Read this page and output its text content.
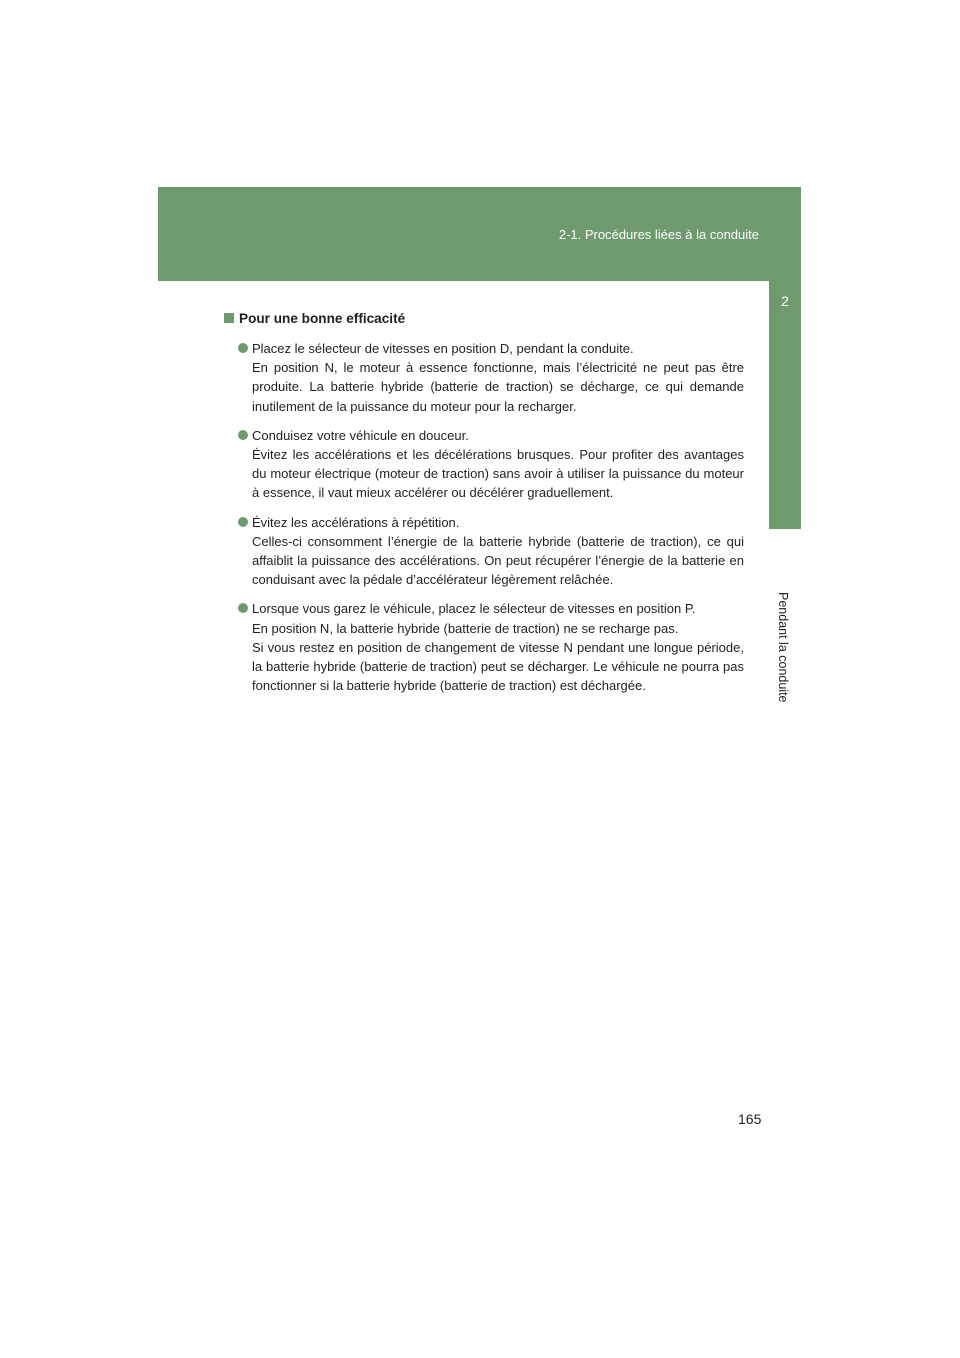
2-1. Procédures liées à la conduite
2
Pendant la conduite
Pour une bonne efficacité
Placez le sélecteur de vitesses en position D, pendant la conduite.
En position N, le moteur à essence fonctionne, mais l’électricité ne peut pas être produite. La batterie hybride (batterie de traction) se décharge, ce qui demande inutilement de la puissance du moteur pour la recharger.
Conduisez votre véhicule en douceur.
Évitez les accélérations et les décélérations brusques. Pour profiter des avantages du moteur électrique (moteur de traction) sans avoir à utiliser la puissance du moteur à essence, il vaut mieux accélérer ou décélérer graduellement.
Évitez les accélérations à répétition.
Celles-ci consomment l’énergie de la batterie hybride (batterie de traction), ce qui affaiblit la puissance des accélérations. On peut récupérer l’énergie de la batterie en conduisant avec la pédale d’accélérateur légèrement relâchée.
Lorsque vous garez le véhicule, placez le sélecteur de vitesses en position P.
En position N, la batterie hybride (batterie de traction) ne se recharge pas.
Si vous restez en position de changement de vitesse N pendant une longue période, la batterie hybride (batterie de traction) peut se décharger. Le véhicule ne pourra pas fonctionner si la batterie hybride (batterie de traction) est déchargée.
165
